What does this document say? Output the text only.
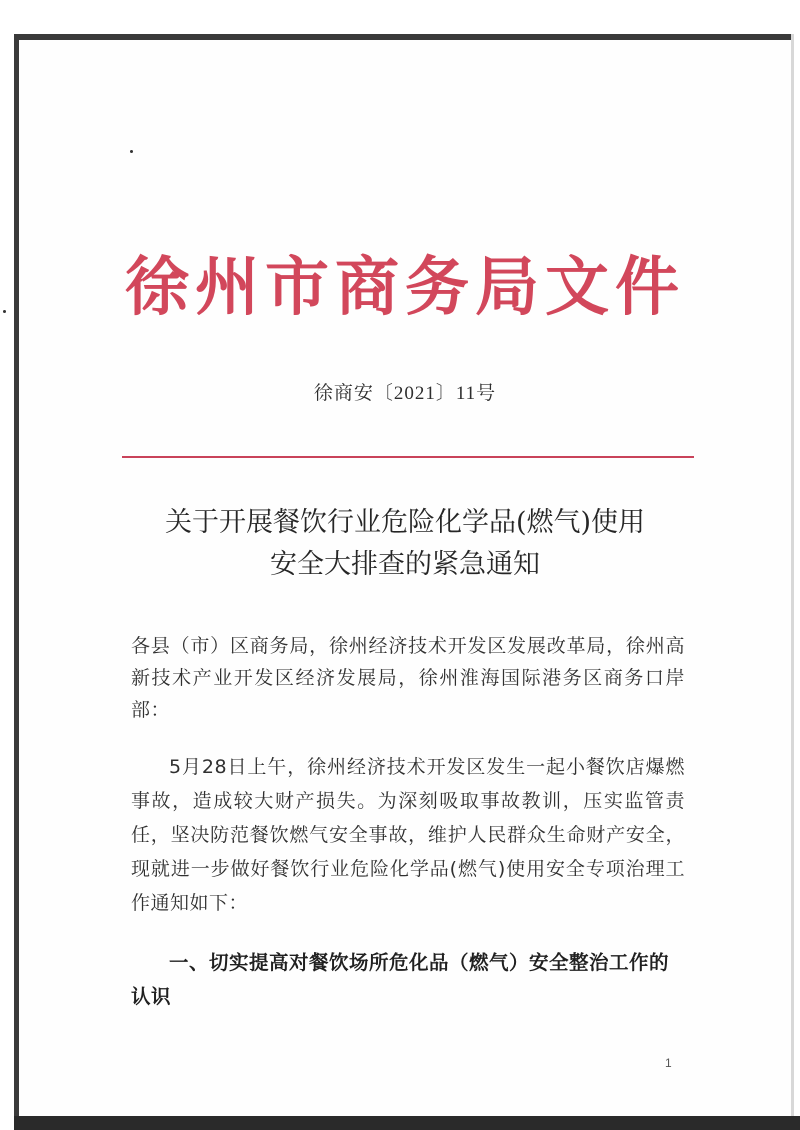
徐州市商务局文件
徐商安〔2021〕11号
关于开展餐饮行业危险化学品(燃气)使用
安全大排查的紧急通知
各县（市）区商务局，徐州经济技术开发区发展改革局，徐州高新技术产业开发区经济发展局，徐州淮海国际港务区商务口岸部：
5月28日上午，徐州经济技术开发区发生一起小餐饮店爆燃事故，造成较大财产损失。为深刻吸取事故教训，压实监管责任，坚决防范餐饮燃气安全事故，维护人民群众生命财产安全，现就进一步做好餐饮行业危险化学品(燃气)使用安全专项治理工作通知如下：
一、切实提高对餐饮场所危化品（燃气）安全整治工作的认识
1
